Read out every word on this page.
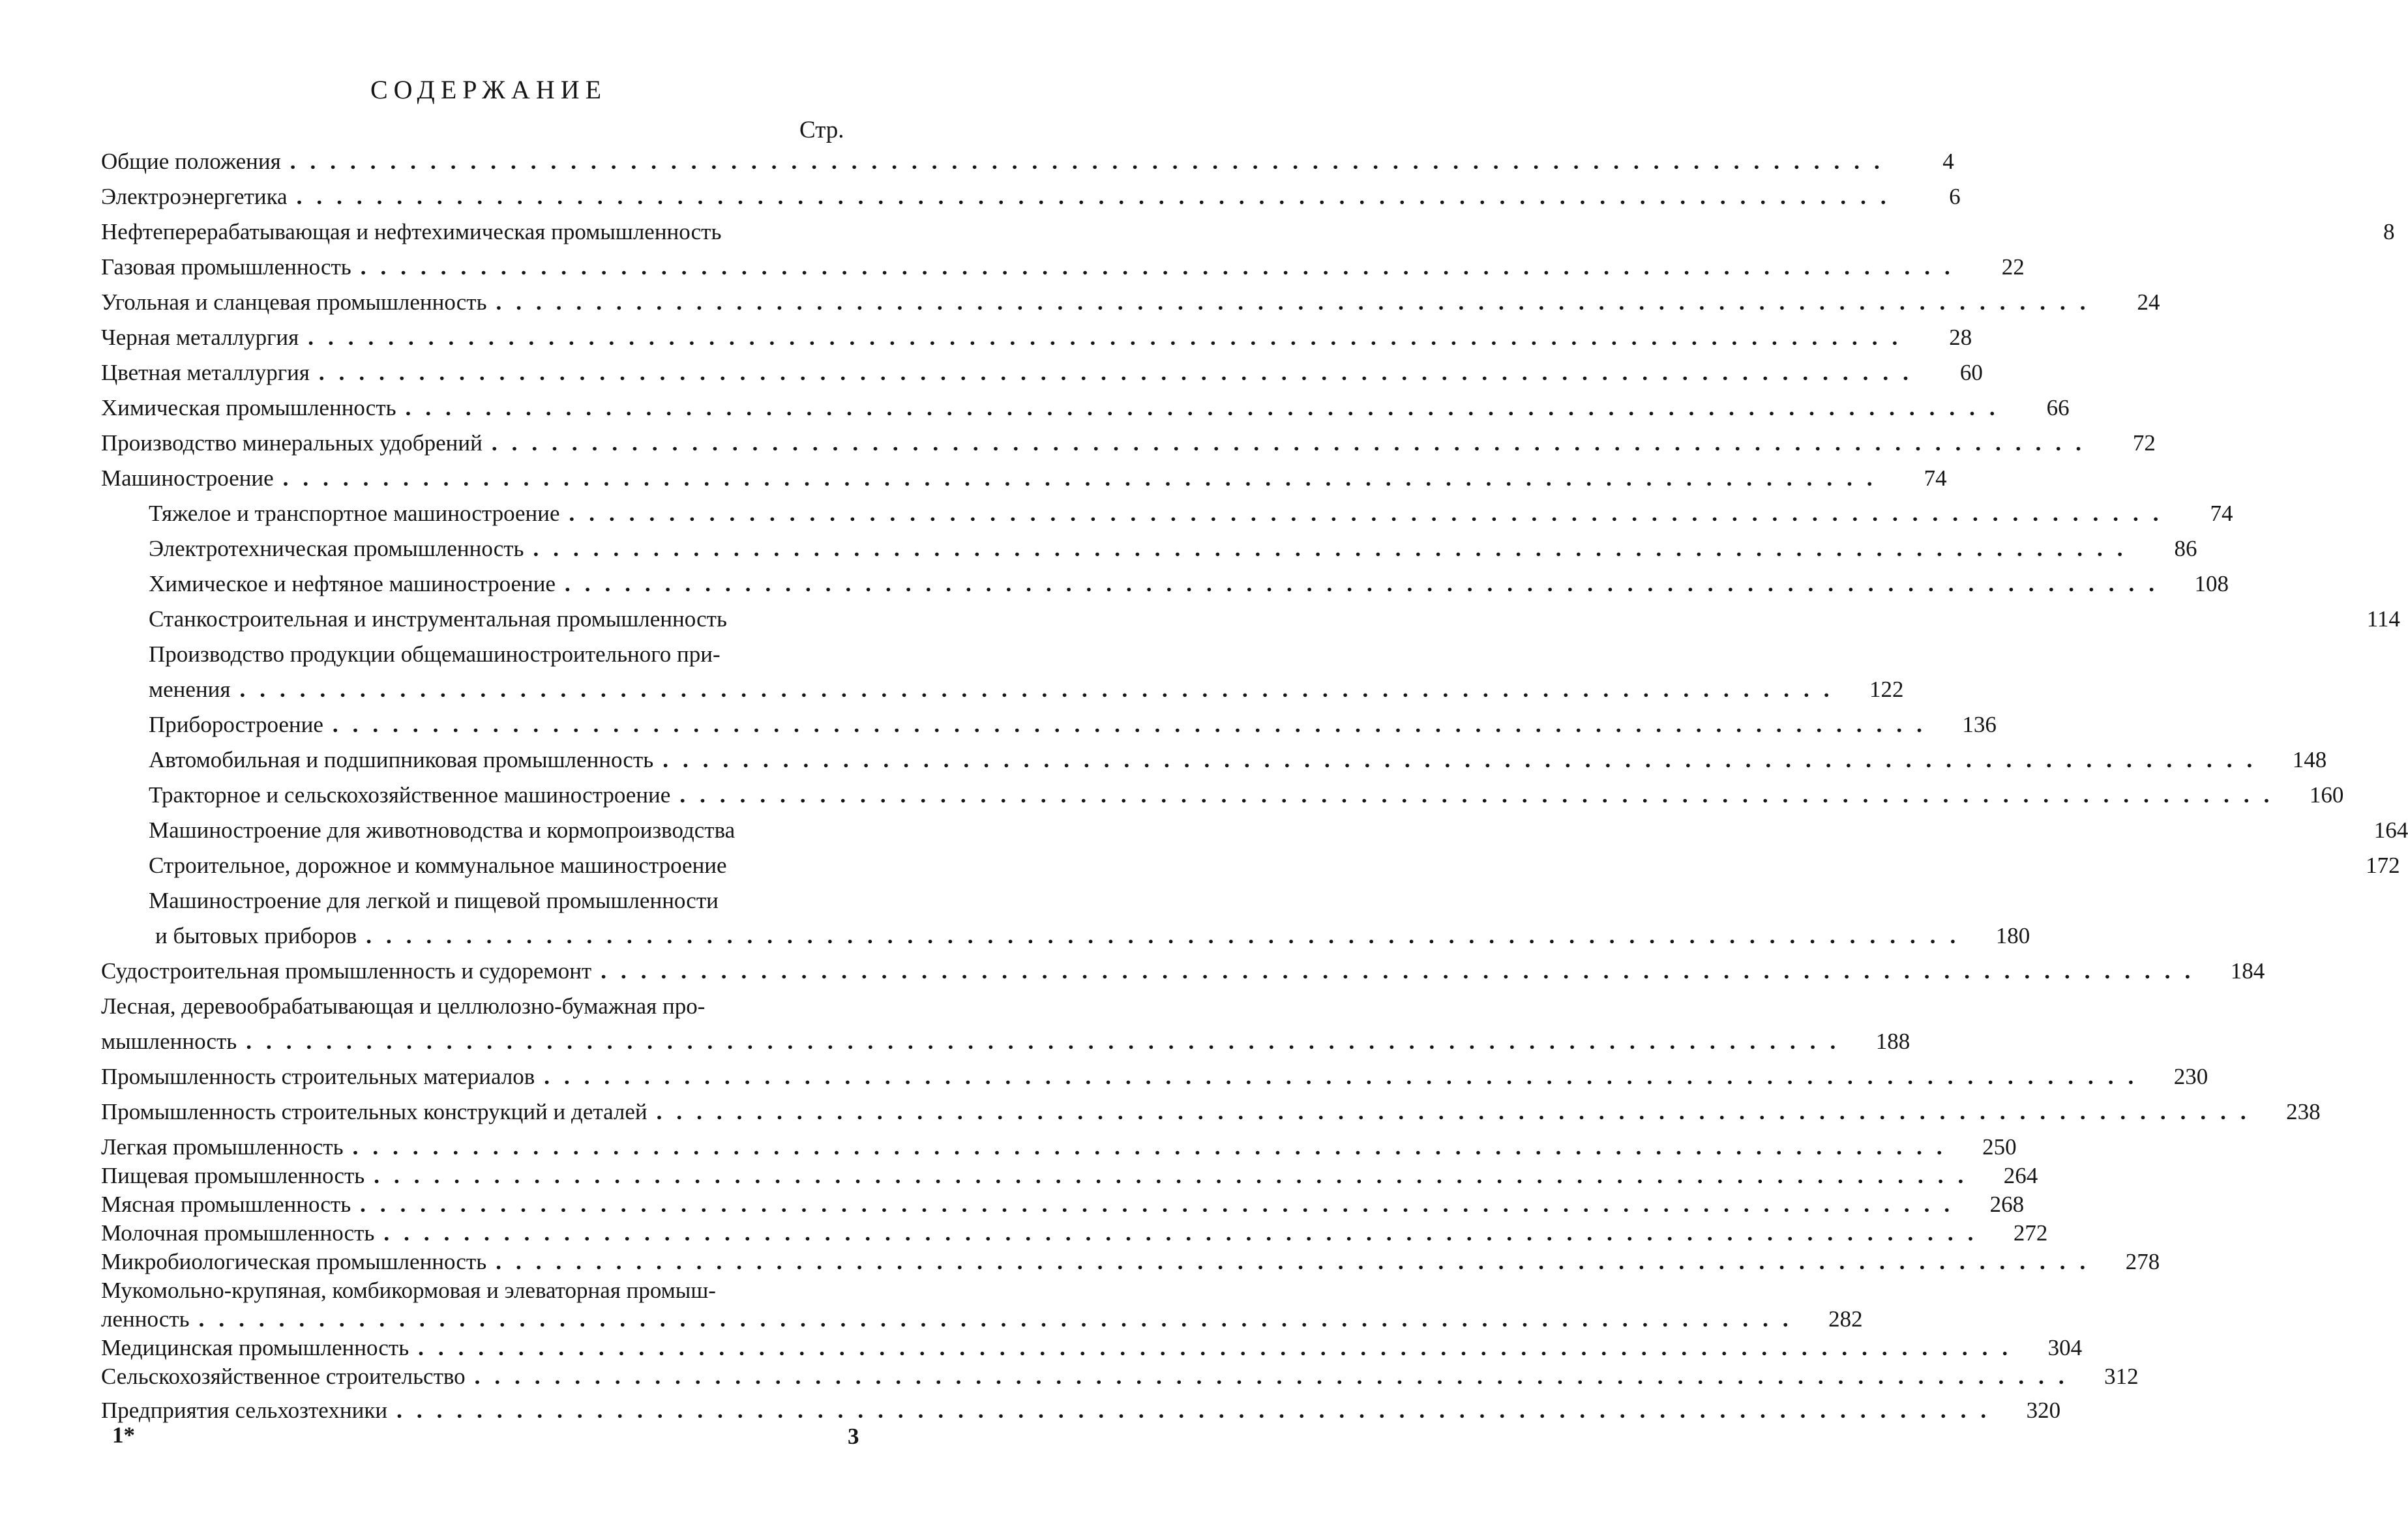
СОДЕРЖАНИЕ
Стр.
Общие положения ................................................................................	4
Электроэнергетика ................................................................................	6
Нефтеперерабатывающая и нефтехимическая промышленность	8
Газовая промышленность ................................................................................	22
Угольная и сланцевая промышленность ................................................................................	24
Черная металлургия ................................................................................	28
Цветная металлургия ................................................................................	60
Химическая промышленность ................................................................................	66
Производство минеральных удобрений ................................................................................	72
Машиностроение ................................................................................	74
Тяжелое и транспортное машиностроение ................................................................................	74
Электротехническая промышленность ................................................................................	86
Химическое и нефтяное машиностроение ................................................................................	108
Станкостроительная и инструментальная промышленность	114
Производство продукции общемашиностроительного при-
менения ................................................................................	122
Приборостроение ................................................................................	136
Автомобильная и подшипниковая промышленность ................................................................................	148
Тракторное и сельскохозяйственное машиностроение ................................................................................	160
Машиностроение для животноводства и кормопроизводства	164
Строительное, дорожное и коммунальное машиностроение	172
Машиностроение для легкой и пищевой промышленности
и бытовых приборов ................................................................................	180
Судостроительная промышленность и судоремонт ................................................................................	184
Лесная, деревообрабатывающая и целлюлозно-бумажная про-
мышленность ................................................................................	188
Промышленность строительных материалов ................................................................................	230
Промышленность строительных конструкций и деталей ................................................................................	238
Легкая промышленность ................................................................................	250
Пищевая промышленность ................................................................................	264
Мясная промышленность ................................................................................	268
Молочная промышленность ................................................................................	272
Микробиологическая промышленность ................................................................................	278
Мукомольно-крупяная, комбикормовая и элеваторная промыш-
ленность ................................................................................	282
Медицинская промышленность ................................................................................	304
Сельскохозяйственное строительство ................................................................................	312
Предприятия сельхозтехники ................................................................................	320
1*	3
